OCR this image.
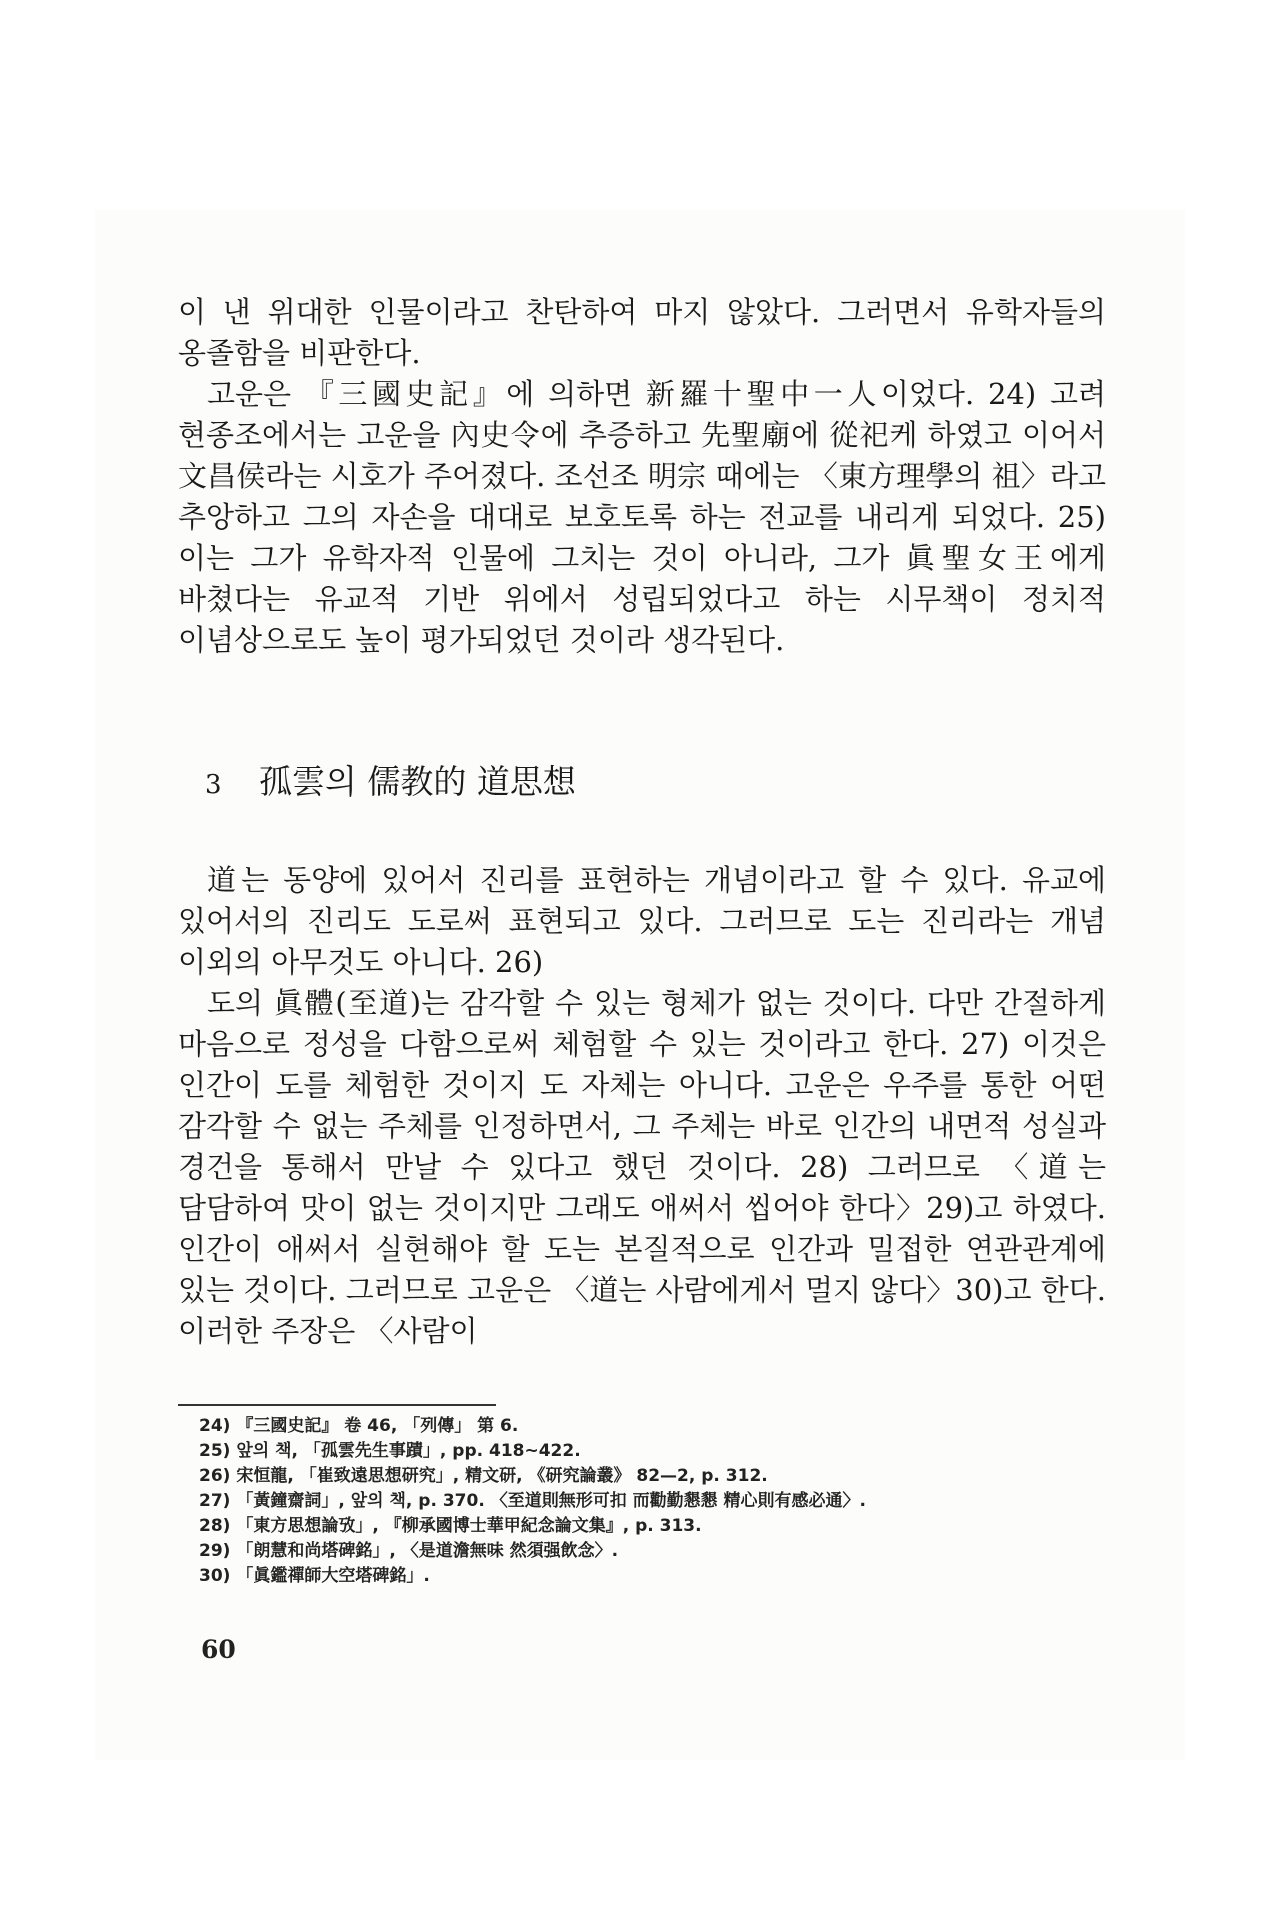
이 낸 위대한 인물이라고 찬탄하여 마지 않았다. 그러면서 유학자들의 옹졸함을 비판한다.

고운은 『三國史記』에 의하면 新羅十聖中一人이었다. 24) 고려 현종조에서는 고운을 內史令에 추증하고 先聖廟에 從祀케 하였고 이어서 文昌侯라는 시호가 주어졌다. 조선조 明宗 때에는 〈東方理學의 祖〉라고 추앙하고 그의 자손을 대대로 보호토록 하는 전교를 내리게 되었다. 25) 이는 그가 유학자적 인물에 그치는 것이 아니라, 그가 眞聖女王에게 바쳤다는 유교적 기반 위에서 성립되었다고 하는 시무책이 정치적 이념상으로도 높이 평가되었던 것이라 생각된다.

3 孤雲의 儒教的 道思想

道는 동양에 있어서 진리를 표현하는 개념이라고 할 수 있다. 유교에 있어서의 진리도 도로써 표현되고 있다. 그러므로 도는 진리라는 개념 이외의 아무것도 아니다. 26)

도의 眞體(至道)는 감각할 수 있는 형체가 없는 것이다. 다만 간절하게 마음으로 정성을 다함으로써 체험할 수 있는 것이라고 한다. 27) 이것은 인간이 도를 체험한 것이지 도 자체는 아니다. 고운은 우주를 통한 어떤 감각할 수 없는 주체를 인정하면서, 그 주체는 바로 인간의 내면적 성실과 경건을 통해서 만날 수 있다고 했던 것이다. 28) 그러므로 〈道는 담담하여 맛이 없는 것이지만 그래도 애써서 씹어야 한다〉29)고 하였다. 인간이 애써서 실현해야 할 도는 본질적으로 인간과 밀접한 연관관계에 있는 것이다. 그러므로 고운은 〈道는 사람에게서 멀지 않다〉30)고 한다. 이러한 주장은 〈사람이

24) 『三國史記』 卷 46, 「列傳」 第 6.
25) 앞의 책, 「孤雲先生事蹟」, pp. 418~422.
26) 宋恒龍, 「崔致遠思想研究」, 精文研, 《研究論叢》 82—2, p. 312.
27) 「黃鐘齋詞」, 앞의 책, p. 370. 〈至道則無形可扣 而勸勤懇懇 精心則有感必通〉.
28) 「東方思想論攷」, 『柳承國博士華甲紀念論文集』, p. 313.
29) 「朗慧和尚塔碑銘」, 〈是道澹無味 然須强飲念〉.
30) 「眞鑑禪師大空塔碑銘」.
60
